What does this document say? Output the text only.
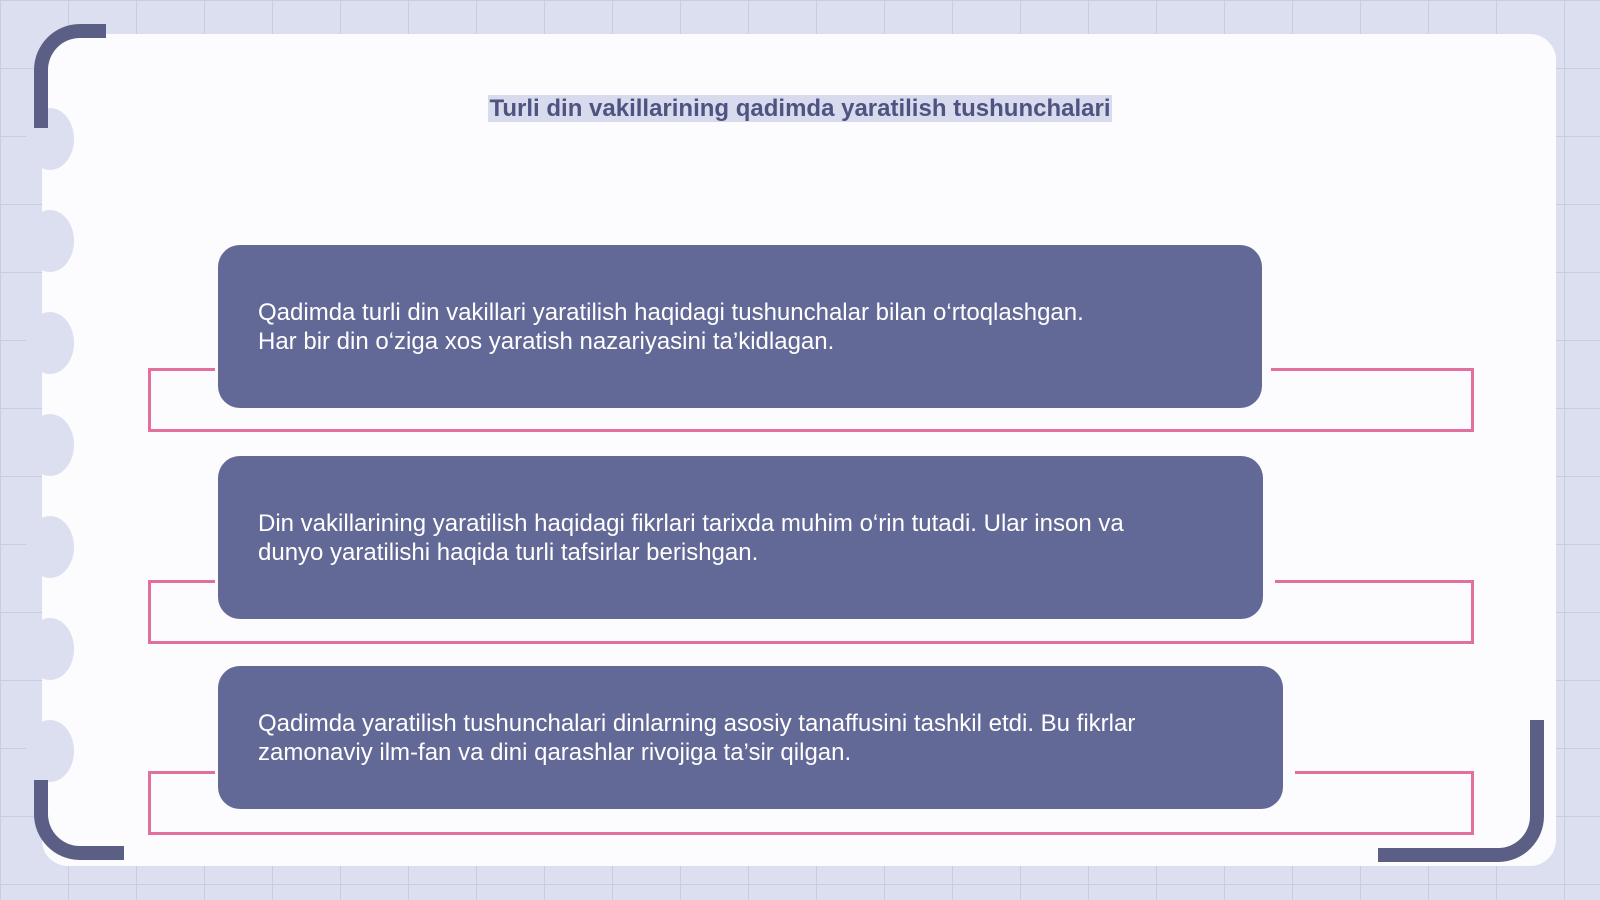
Turli din vakillarining qadimda yaratilish tushunchalari
Qadimda turli din vakillari yaratilish haqidagi tushunchalar bilan o‘rtoqlashgan.
Har bir din o‘ziga xos yaratish nazariyasini ta’kidlagan.
Din vakillarining yaratilish haqidagi fikrlari tarixda muhim o‘rin tutadi. Ular inson va
dunyo yaratilishi haqida turli tafsirlar berishgan.
Qadimda yaratilish tushunchalari dinlarning asosiy tanaffusini tashkil etdi. Bu fikrlar
zamonaviy ilm-fan va dini qarashlar rivojiga ta’sir qilgan.
